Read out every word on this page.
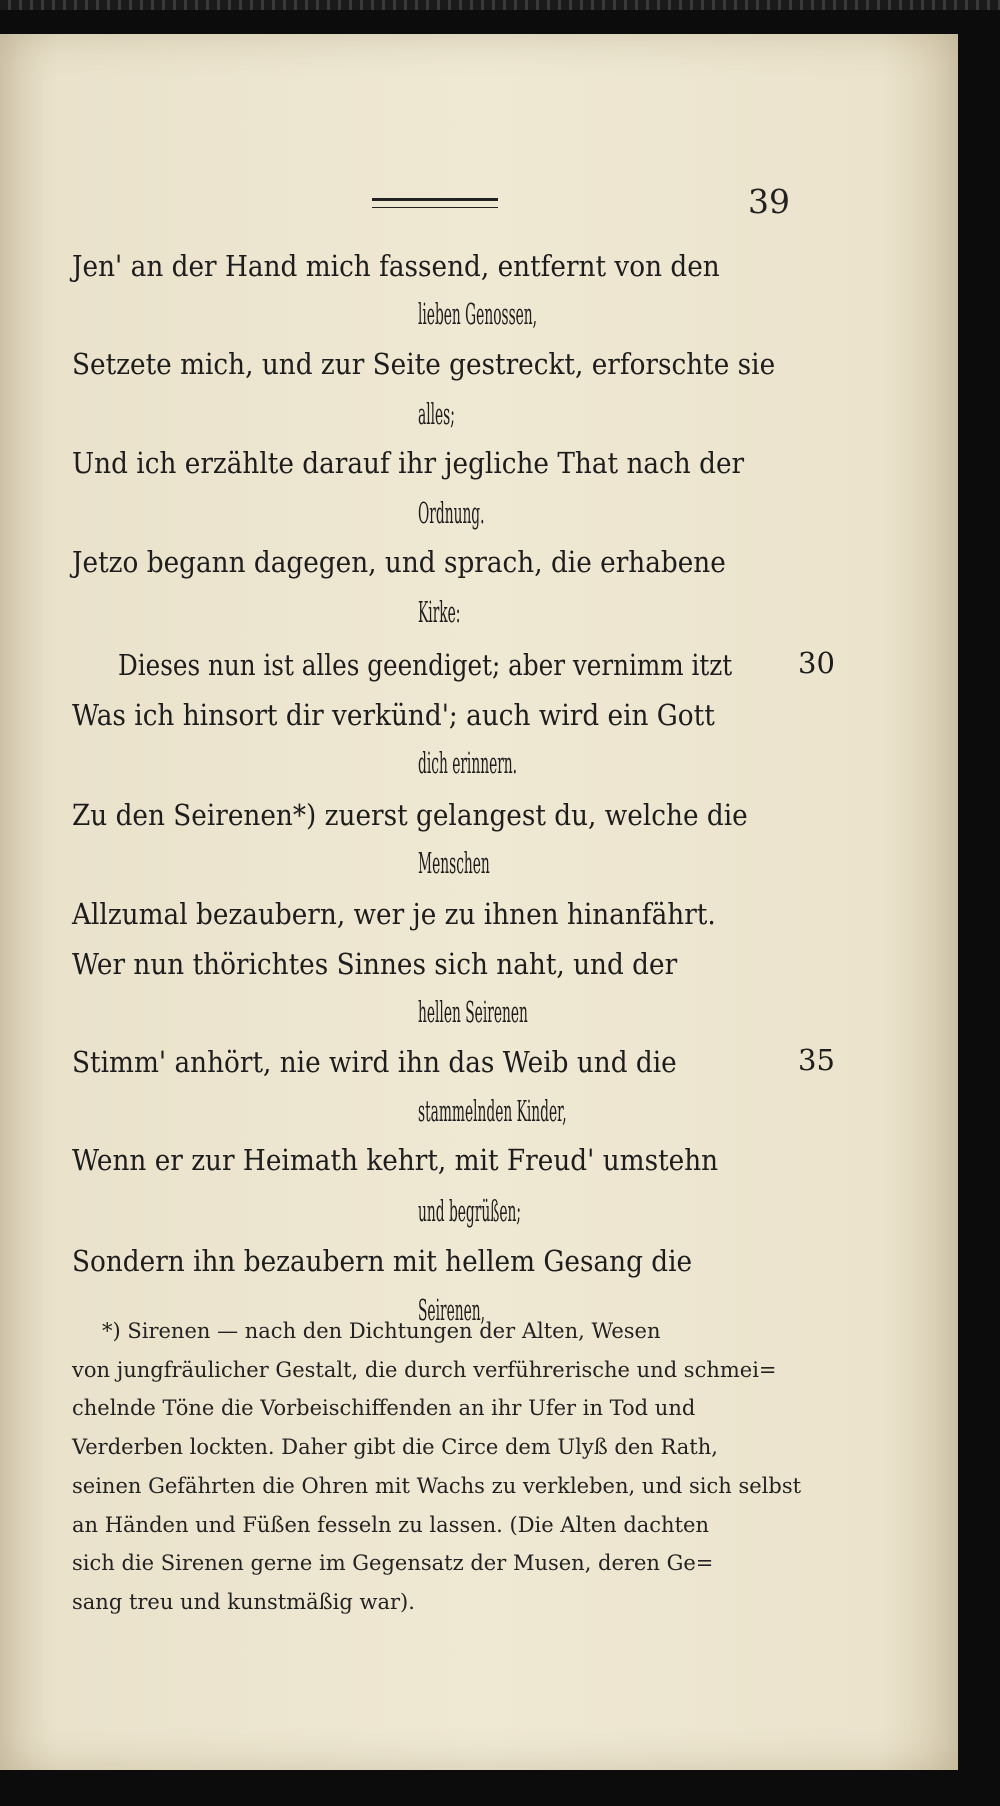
39
Jen' an der Hand mich fassend, entfernt von den
lieben Genossen,
Setzete mich, und zur Seite gestreckt, erforschte sie
alles;
Und ich erzählte darauf ihr jegliche That nach der
Ordnung.
Jetzo begann dagegen, und sprach, die erhabene
Kirke:
Dieses nun ist alles geendiget; aber vernimm itzt	30
Was ich hinsort dir verkünd'; auch wird ein Gott
dich erinnern.
Zu den Seirenen*) zuerst gelangest du, welche die
Menschen
Allzumal bezaubern, wer je zu ihnen hinanfährt.
Wer nun thörichtes Sinnes sich naht, und der
hellen Seirenen
Stimm' anhört, nie wird ihn das Weib und die	35
stammelnden Kinder,
Wenn er zur Heimath kehrt, mit Freud' umstehn
und begrüßen;
Sondern ihn bezaubern mit hellem Gesang die
Seirenen,
*) Sirenen — nach den Dichtungen der Alten, Wesen
von jungfräulicher Gestalt, die durch verführerische und schmei=
chelnde Töne die Vorbeischiffenden an ihr Ufer in Tod und
Verderben lockten. Daher gibt die Circe dem Ulyß den Rath,
seinen Gefährten die Ohren mit Wachs zu verkleben, und sich selbst
an Händen und Füßen fesseln zu lassen. (Die Alten dachten
sich die Sirenen gerne im Gegensatz der Musen, deren Ge=
sang treu und kunstmäßig war).
